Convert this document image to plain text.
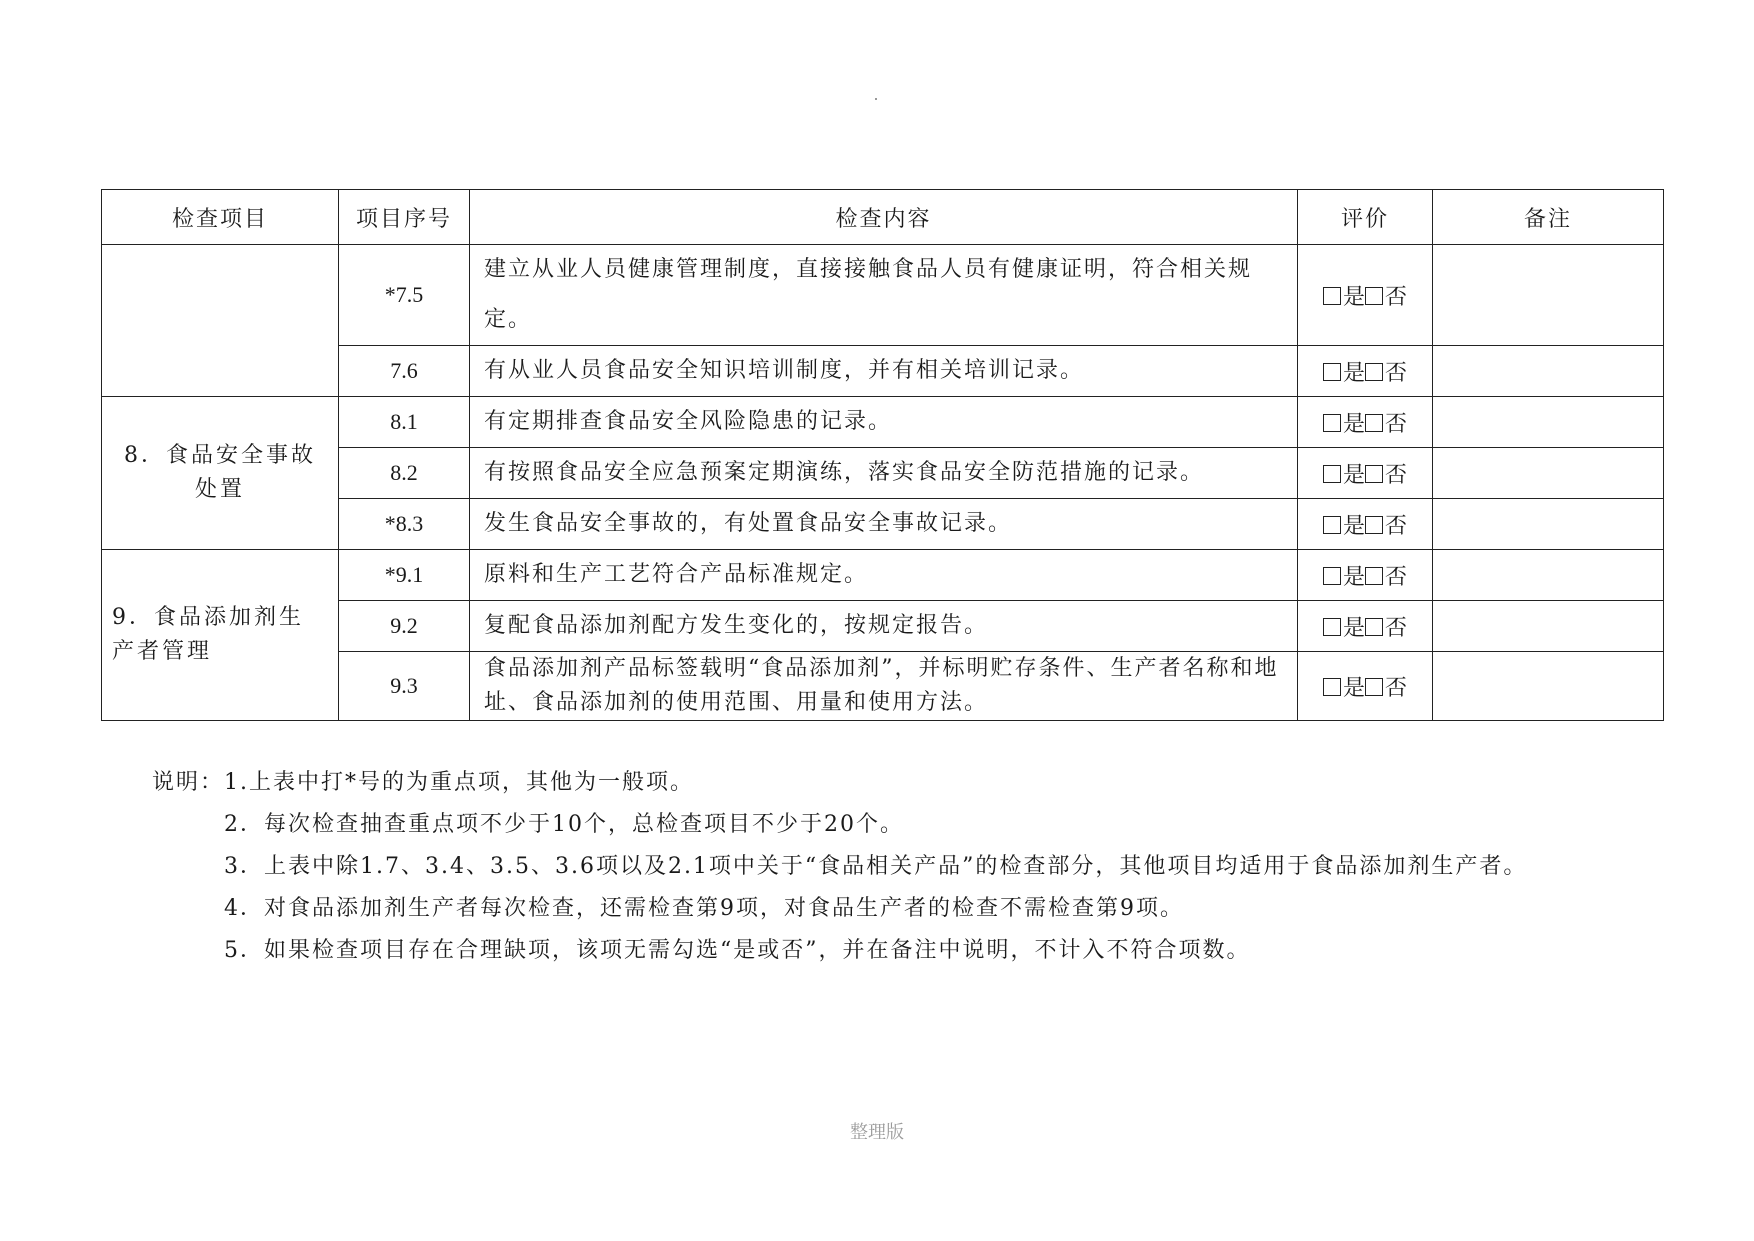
检查项目	项目序号	检查内容	评价	备注
	*7.5	建立从业人员健康管理制度，直接接触食品人员有健康证明，符合相关规定。	是 否	
	7.6	有从业人员食品安全知识培训制度，并有相关培训记录。	是 否	
8．食品安全事故处置	8.1	有定期排查食品安全风险隐患的记录。	是 否	
	8.2	有按照食品安全应急预案定期演练，落实食品安全防范措施的记录。	是 否	
	*8.3	发生食品安全事故的，有处置食品安全事故记录。	是 否	
9．食品添加剂生产者管理	*9.1	原料和生产工艺符合产品标准规定。	是 否	
	9.2	复配食品添加剂配方发生变化的，按规定报告。	是 否	
	9.3	食品添加剂产品标签载明“食品添加剂”，并标明贮存条件、生产者名称和地址、食品添加剂的使用范围、用量和使用方法。	是 否	
说明：1.上表中打*号的为重点项，其他为一般项。
2．每次检查抽查重点项不少于10个，总检查项目不少于20个。
3．上表中除1.7、3.4、3.5、3.6项以及2.1项中关于“食品相关产品”的检查部分，其他项目均适用于食品添加剂生产者。
4．对食品添加剂生产者每次检查，还需检查第9项，对食品生产者的检查不需检查第9项。
5．如果检查项目存在合理缺项，该项无需勾选“是或否”，并在备注中说明，不计入不符合项数。
整理版
